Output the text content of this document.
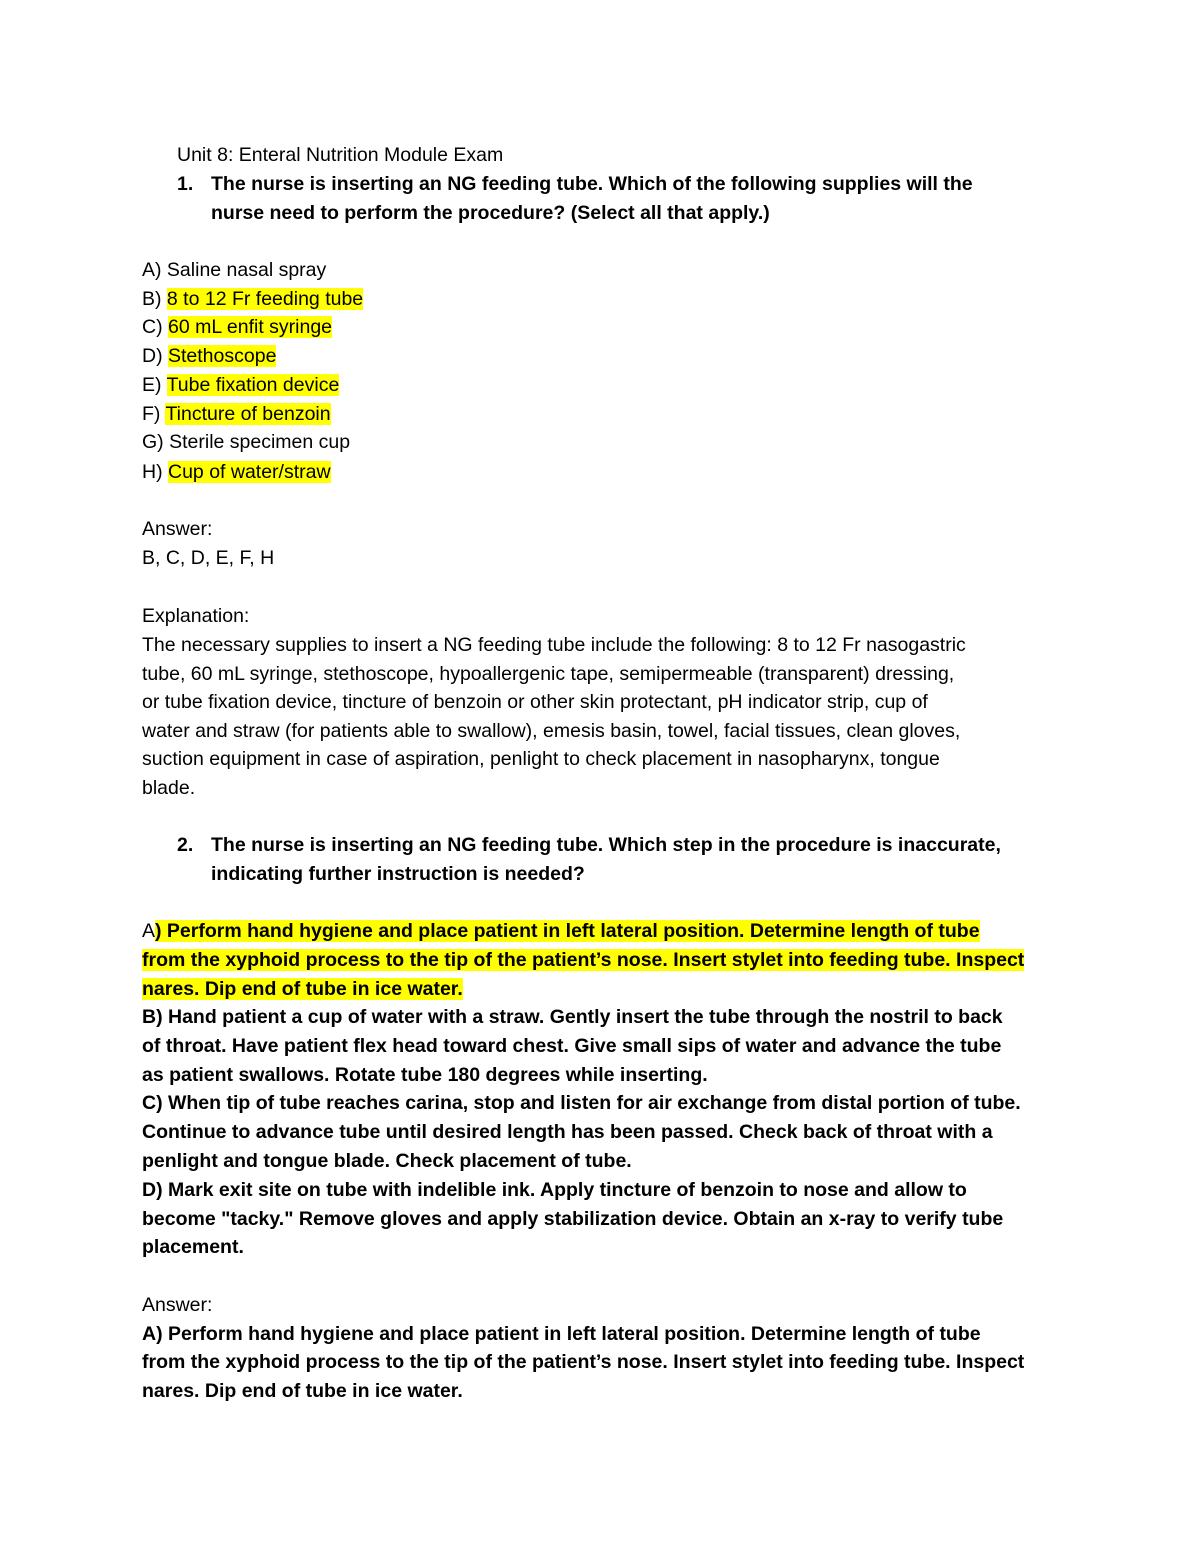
Unit 8: Enteral Nutrition Module Exam
1. The nurse is inserting an NG feeding tube. Which of the following supplies will the
nurse need to perform the procedure? (Select all that apply.)
A) Saline nasal spray
B) 8 to 12 Fr feeding tube
C) 60 mL enfit syringe
D) Stethoscope
E) Tube fixation device
F) Tincture of benzoin
G) Sterile specimen cup
H) Cup of water/straw
Answer:
B, C, D, E, F, H
Explanation:
The necessary supplies to insert a NG feeding tube include the following: 8 to 12 Fr nasogastric
tube, 60 mL syringe, stethoscope, hypoallergenic tape, semipermeable (transparent) dressing,
or tube fixation device, tincture of benzoin or other skin protectant, pH indicator strip, cup of
water and straw (for patients able to swallow), emesis basin, towel, facial tissues, clean gloves,
suction equipment in case of aspiration, penlight to check placement in nasopharynx, tongue
blade.
2. The nurse is inserting an NG feeding tube. Which step in the procedure is inaccurate,
indicating further instruction is needed?
A) Perform hand hygiene and place patient in left lateral position. Determine length of tube
from the xyphoid process to the tip of the patient’s nose. Insert stylet into feeding tube. Inspect
nares. Dip end of tube in ice water.
B) Hand patient a cup of water with a straw. Gently insert the tube through the nostril to back
of throat. Have patient flex head toward chest. Give small sips of water and advance the tube
as patient swallows. Rotate tube 180 degrees while inserting.
C) When tip of tube reaches carina, stop and listen for air exchange from distal portion of tube.
Continue to advance tube until desired length has been passed. Check back of throat with a
penlight and tongue blade. Check placement of tube.
D) Mark exit site on tube with indelible ink. Apply tincture of benzoin to nose and allow to
become "tacky." Remove gloves and apply stabilization device. Obtain an x-ray to verify tube
placement.
Answer:
A) Perform hand hygiene and place patient in left lateral position. Determine length of tube
from the xyphoid process to the tip of the patient’s nose. Insert stylet into feeding tube. Inspect
nares. Dip end of tube in ice water.
